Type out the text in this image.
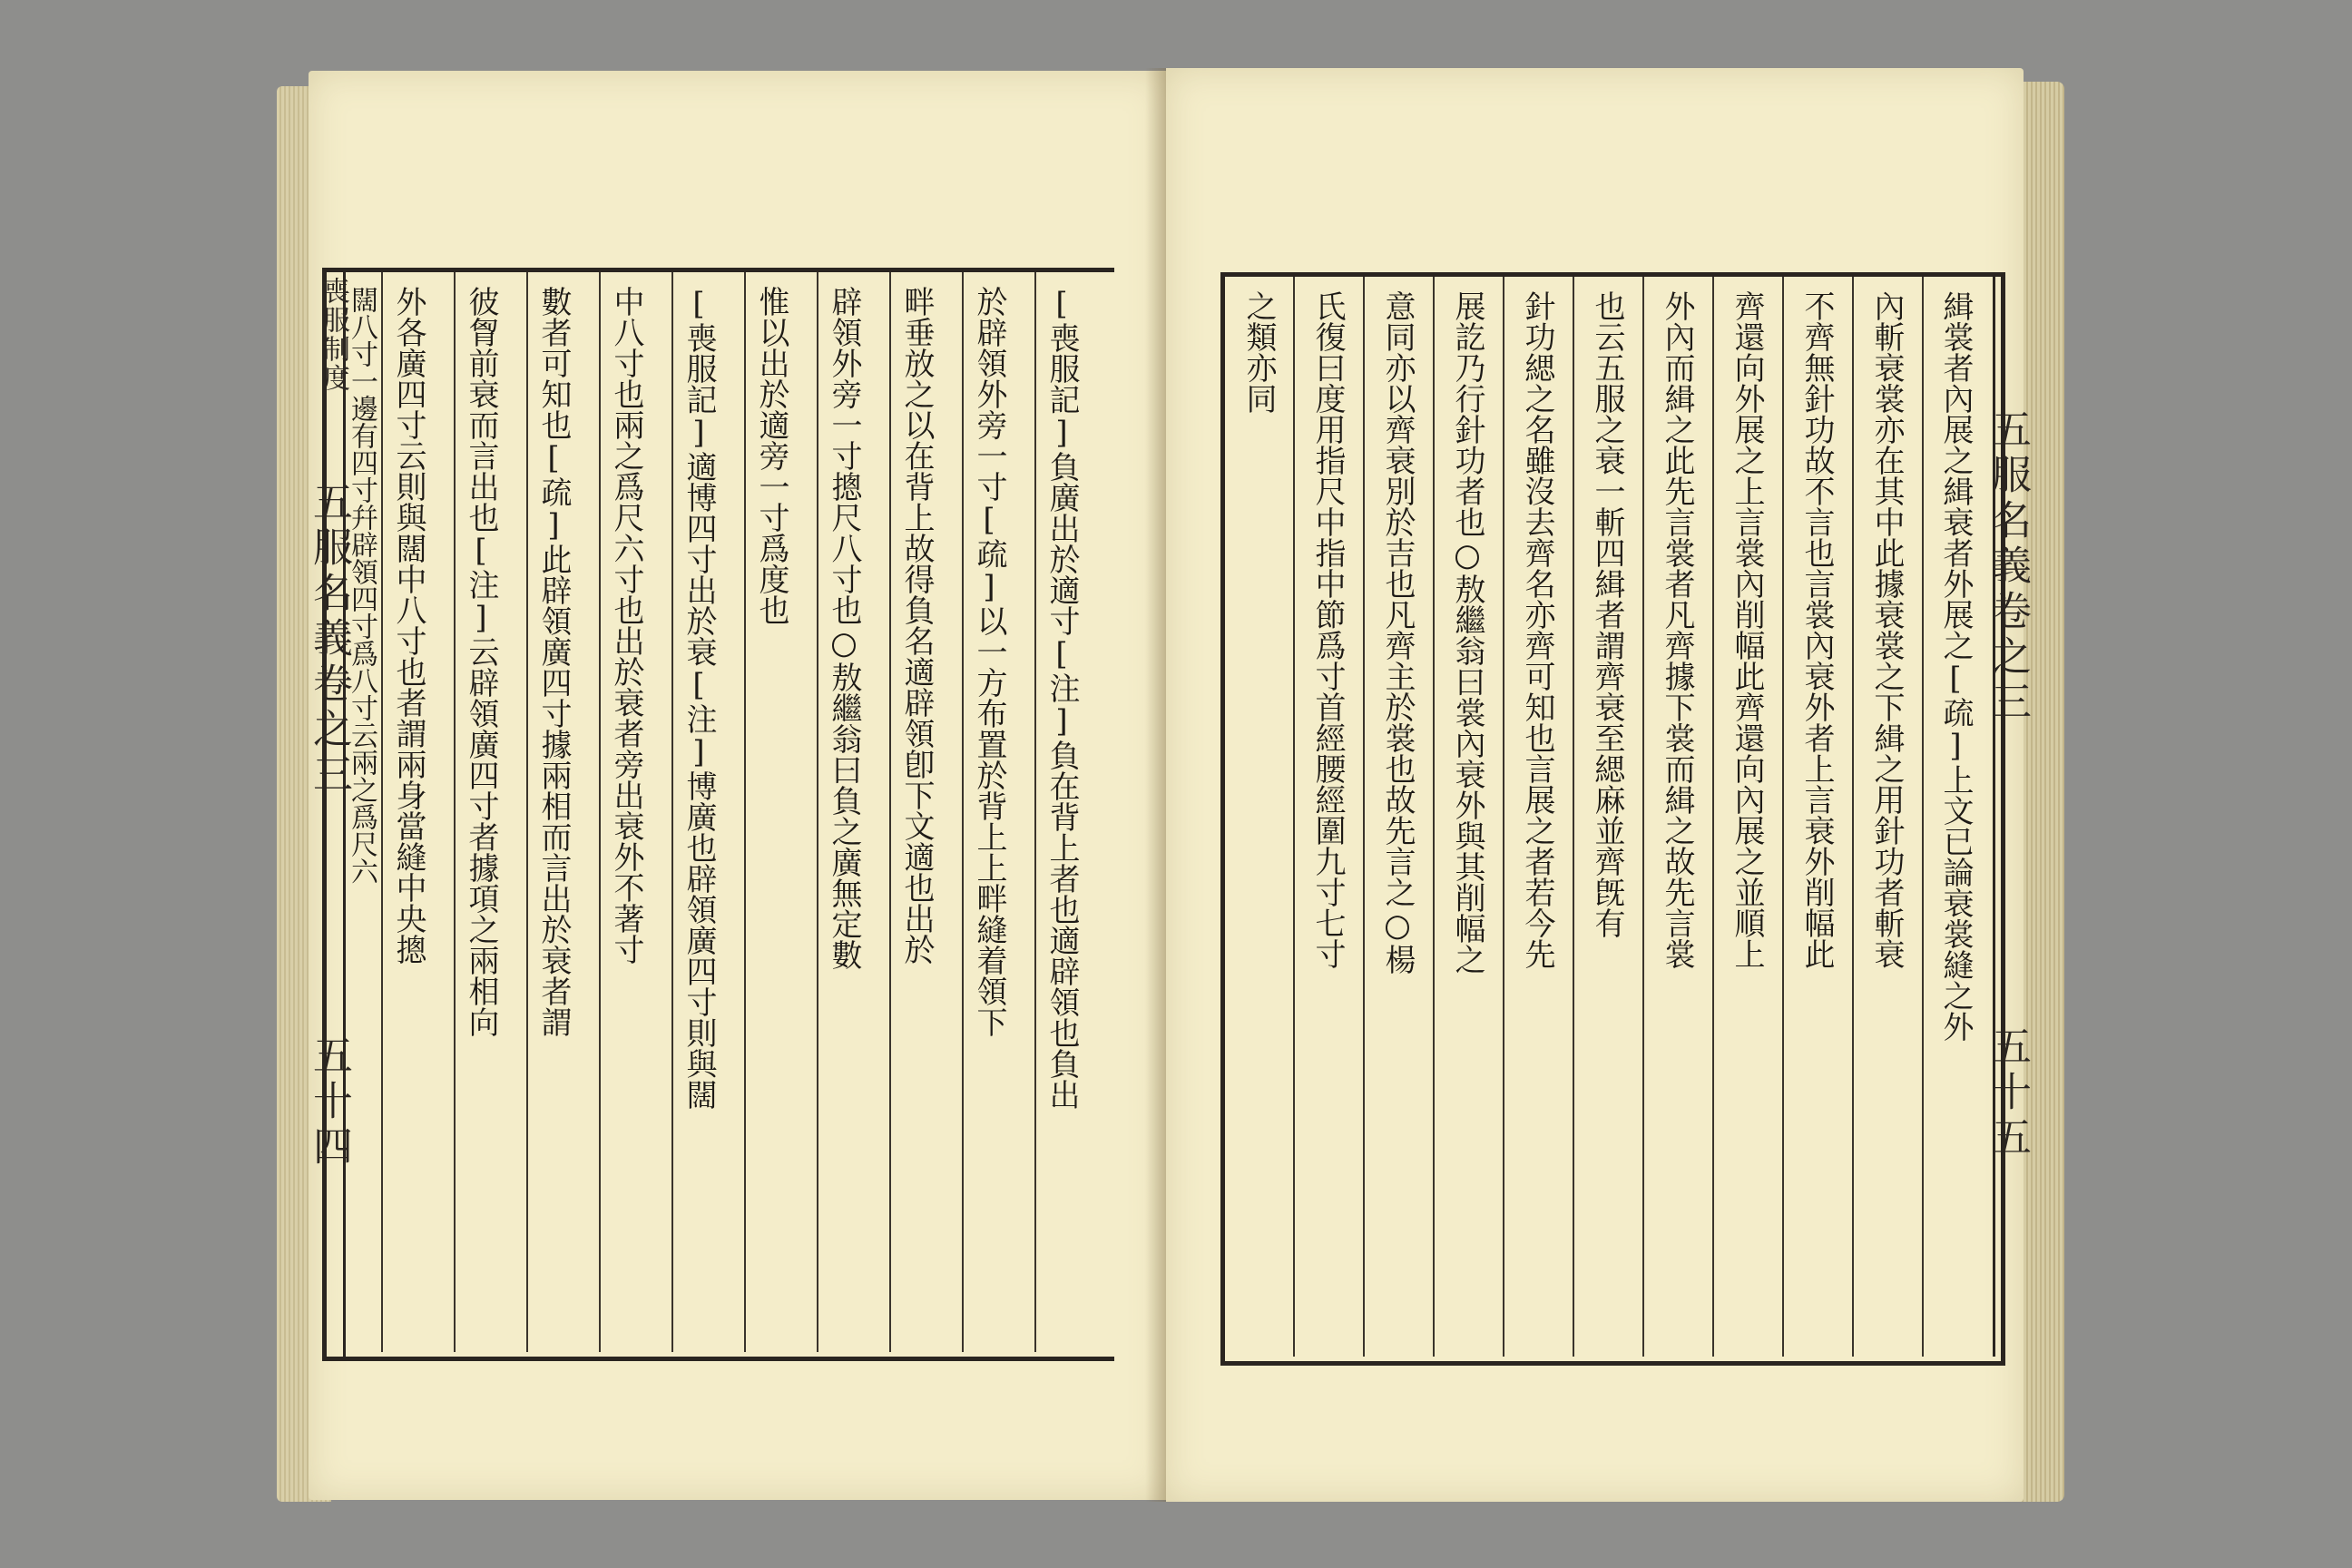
喪服制度
五服名義卷之三
五十四	[喪服記]負廣出於適寸[注]負在背上者也適辟領也負出
於辟領外旁一寸[疏]以一方布置於背上上畔縫着領下
畔垂放之以在背上故得負名適辟領卽下文適也出於
辟領外旁一寸摠尺八寸也○敖繼翁曰負之廣無定數
惟以出於適旁一寸爲度也
[喪服記]適博四寸出於衰[注]博廣也辟領廣四寸則與闊
中八寸也兩之爲尺六寸也出於衰者旁出衰外不著寸
數者可知也[疏]此辟領廣四寸據兩相而言出於衰者謂
彼胷前衰而言出也[注]云辟領廣四寸者據項之兩相向
外各廣四寸云則與闊中八寸也者謂兩身當縫中央摠
闊八寸一邊有四寸幷辟領四寸爲八寸云兩之爲尺六	五服名義卷之三
五十五
緝裳者內展之緝衰者外展之[疏]上文已論衰裳縫之外
內斬衰裳亦在其中此據衰裳之下緝之用針功者斬衰
不齊無針功故不言也言裳內衰外者上言衰外削幅此
齊還向外展之上言裳內削幅此齊還向內展之並順上
外內而緝之此先言裳者凡齊據下裳而緝之故先言裳
也云五服之衰一斬四緝者謂齊衰至緦麻並齊旣有
針功緦之名雖沒去齊名亦齊可知也言展之者若今先
展訖乃行針功者也○敖繼翁曰裳內衰外與其削幅之
意同亦以齊衰別於吉也凡齊主於裳也故先言之○楊
氏復曰度用指尺中指中節爲寸首經腰經圍九寸七寸
之類亦同
